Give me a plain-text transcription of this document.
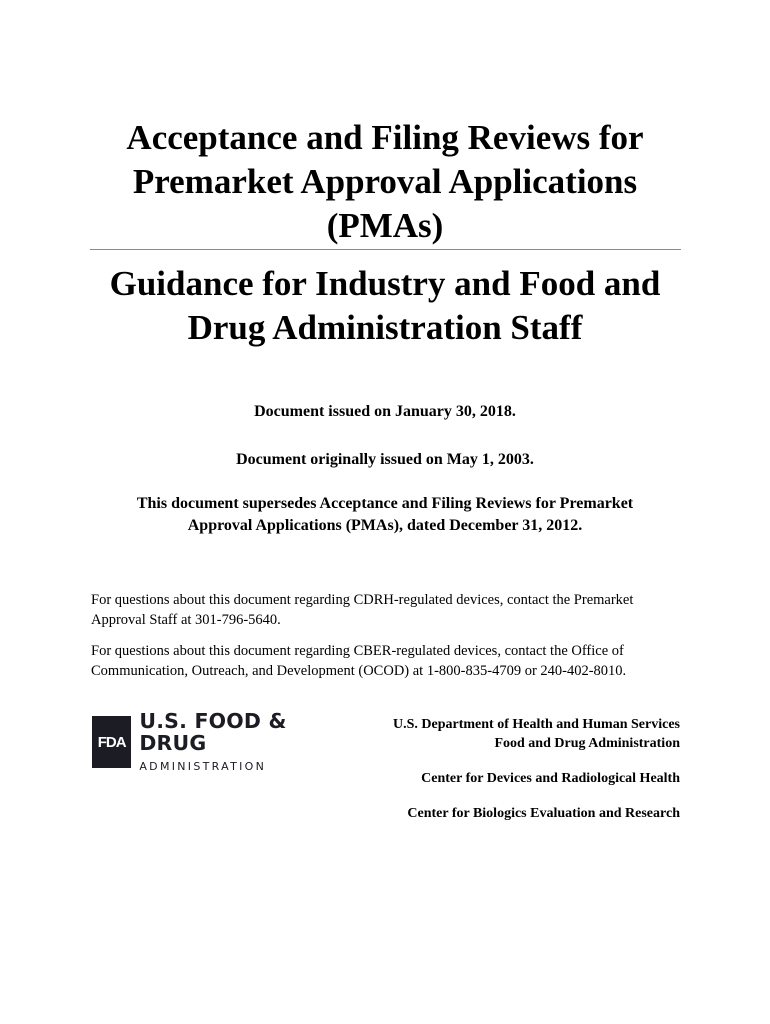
Acceptance and Filing Reviews for
Premarket Approval Applications
(PMAs)
Guidance for Industry and Food and
Drug Administration Staff

Document issued on January 30, 2018.

Document originally issued on May 1, 2003.

This document supersedes Acceptance and Filing Reviews for Premarket
Approval Applications (PMAs), dated December 31, 2012.
For questions about this document regarding CDRH-regulated devices, contact the Premarket
Approval Staff at 301-796-5640.
For questions about this document regarding CBER-regulated devices, contact the Office of
Communication, Outreach, and Development (OCOD) at 1-800-835-4709 or 240-402-8010.
FDA
U.S. FOOD & DRUG
ADMINISTRATION
U.S. Department of Health and Human Services
Food and Drug Administration

Center for Devices and Radiological Health

Center for Biologics Evaluation and Research
